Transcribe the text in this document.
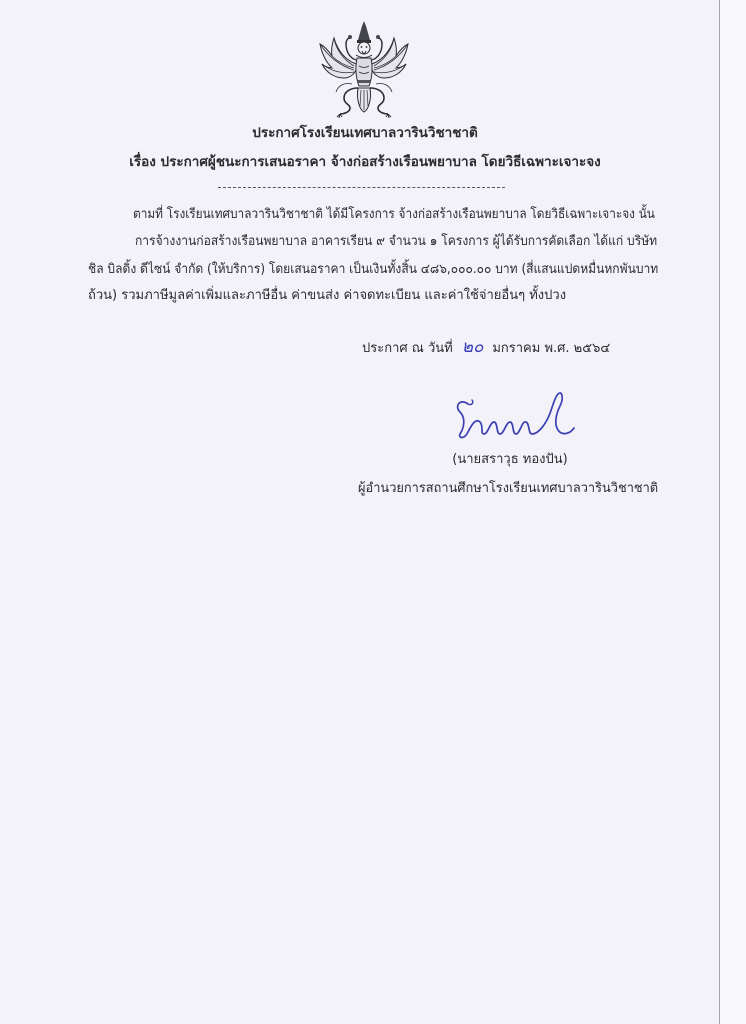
ประกาศโรงเรียนเทศบาลวารินวิชาชาติ
เรื่อง ประกาศผู้ชนะการเสนอราคา จ้างก่อสร้างเรือนพยาบาล โดยวิธีเฉพาะเจาะจง
ตามที่ โรงเรียนเทศบาลวารินวิชาชาติ ได้มีโครงการ จ้างก่อสร้างเรือนพยาบาล โดยวิธีเฉพาะเจาะจง นั้น
การจ้างงานก่อสร้างเรือนพยาบาล อาคารเรียน ๙ จำนวน ๑ โครงการ ผู้ได้รับการคัดเลือก ได้แก่ บริษัท
ชิล บิลดิ้ง ดีไซน์ จำกัด (ให้บริการ) โดยเสนอราคา เป็นเงินทั้งสิ้น ๔๘๖,๐๐๐.๐๐ บาท (สี่แสนแปดหมื่นหกพันบาท
ถ้วน) รวมภาษีมูลค่าเพิ่มและภาษีอื่น ค่าขนส่ง ค่าจดทะเบียน และค่าใช้จ่ายอื่นๆ ทั้งปวง
ประกาศ ณ วันที่ ๒๐ มกราคม พ.ศ. ๒๕๖๔
(นายสราวุธ ทองปัน)
ผู้อำนวยการสถานศึกษาโรงเรียนเทศบาลวารินวิชาชาติ
